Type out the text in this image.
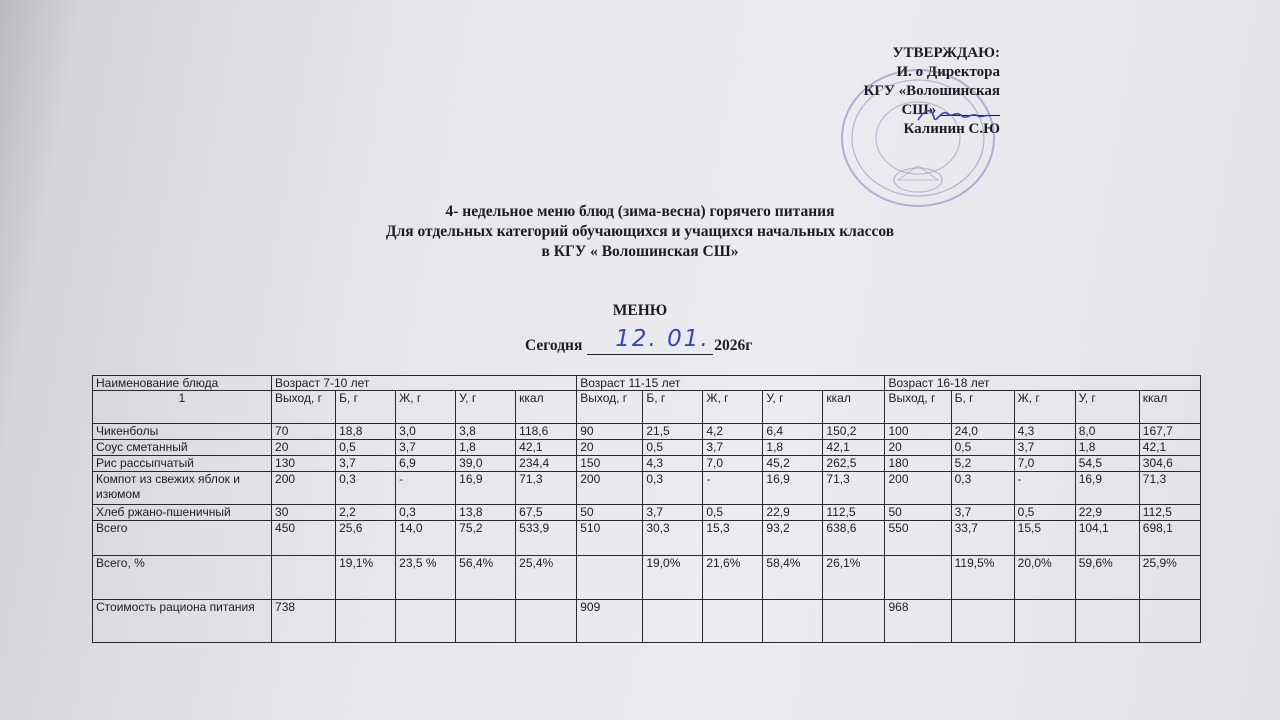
УТВЕРЖДАЮ:
И. о Директора
КГУ «Волошинская
СШ» ________
Калинин С.Ю
4- недельное меню блюд (зима-весна) горячего питания
Для отдельных категорий обучающихся и учащихся начальных классов
в КГУ « Волошинская СШ»
МЕНЮ
Сегодня 12. 01. 2026г
Наименование блюда	Возраст 7-10 лет					Возраст 11-15 лет					Возраст 16-18 лет				
1	Выход, г	Б, г	Ж, г	У, г	ккал	Выход, г	Б, г	Ж, г	У, г	ккал	Выход, г	Б, г	Ж, г	У, г	ккал
Чикенболы	70	18,8	3,0	3,8	118,6	90	21,5	4,2	6,4	150,2	100	24,0	4,3	8,0	167,7
Соус сметанный	20	0,5	3,7	1,8	42,1	20	0,5	3,7	1,8	42,1	20	0,5	3,7	1,8	42,1
Рис рассыпчатый	130	3,7	6,9	39,0	234,4	150	4,3	7,0	45,2	262,5	180	5,2	7,0	54,5	304,6
Компот из свежих яблок и изюмом	200	0,3	-	16,9	71,3	200	0,3	-	16,9	71,3	200	0,3	-	16,9	71,3
Хлеб ржано-пшеничный	30	2,2	0,3	13,8	67,5	50	3,7	0,5	22,9	112,5	50	3,7	0,5	22,9	112,5
Всего	450	25,6	14,0	75,2	533,9	510	30,3	15,3	93,2	638,6	550	33,7	15,5	104,1	698,1
Всего, %		19,1%	23,5 %	56,4%	25,4%		19,0%	21,6%	58,4%	26,1%		119,5%	20,0%	59,6%	25,9%
Стоимость рациона питания	738					909					968				
